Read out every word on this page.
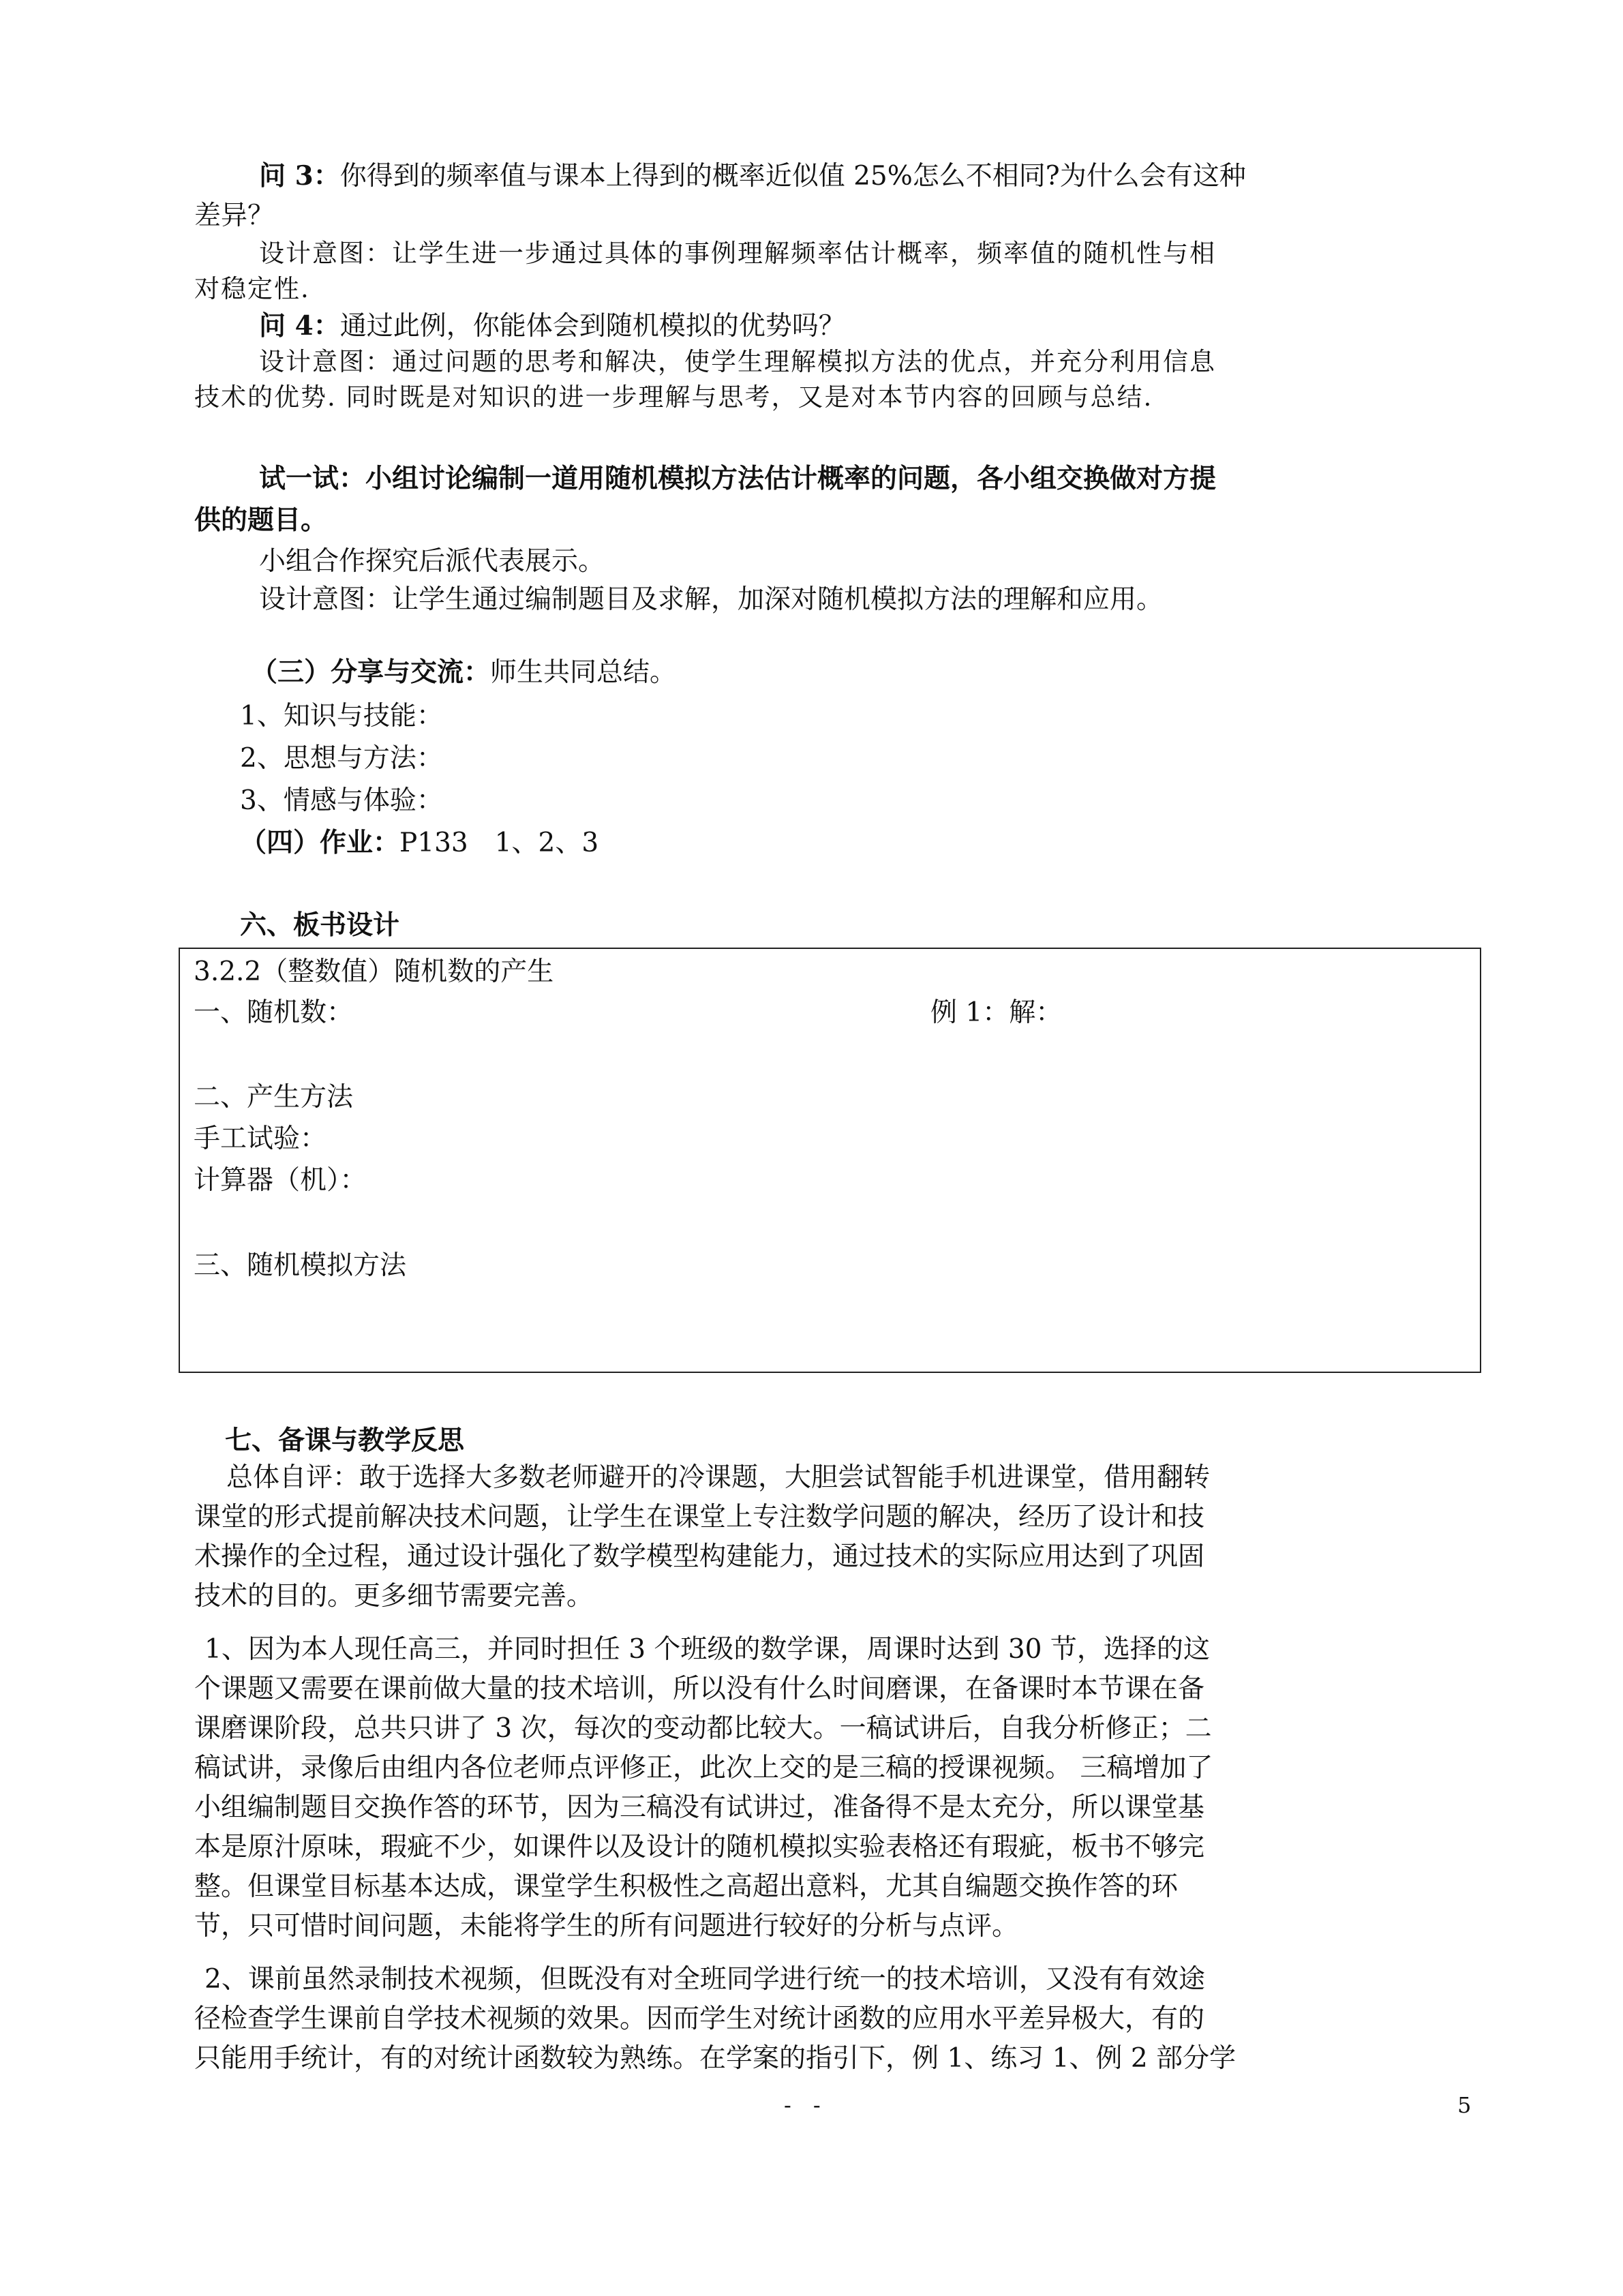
问 3：你得到的频率值与课本上得到的概率近似值 25%怎么不相同?为什么会有这种
差异？
设计意图：让学生进一步通过具体的事例理解频率估计概率，频率值的随机性与相
对稳定性.
问 4：通过此例，你能体会到随机模拟的优势吗？
设计意图：通过问题的思考和解决，使学生理解模拟方法的优点，并充分利用信息
技术的优势. 同时既是对知识的进一步理解与思考，又是对本节内容的回顾与总结.
试一试：小组讨论编制一道用随机模拟方法估计概率的问题，各小组交换做对方提
供的题目。
小组合作探究后派代表展示。
设计意图：让学生通过编制题目及求解，加深对随机模拟方法的理解和应用。
（三）分享与交流：师生共同总结。
1、知识与技能：
2、思想与方法：
3、情感与体验：
（四）作业：P133　1、2、3
六、板书设计
3.2.2（整数值）随机数的产生
一、随机数：	例 1：解：
二、产生方法
手工试验：
计算器（机）：
三、随机模拟方法
七、备课与教学反思
总体自评：敢于选择大多数老师避开的冷课题，大胆尝试智能手机进课堂，借用翻转
课堂的形式提前解决技术问题，让学生在课堂上专注数学问题的解决，经历了设计和技
术操作的全过程，通过设计强化了数学模型构建能力，通过技术的实际应用达到了巩固
技术的目的。更多细节需要完善。
1、因为本人现任高三，并同时担任 3 个班级的数学课，周课时达到 30 节，选择的这
个课题又需要在课前做大量的技术培训，所以没有什么时间磨课，在备课时本节课在备
课磨课阶段，总共只讲了 3 次，每次的变动都比较大。一稿试讲后，自我分析修正；二
稿试讲，录像后由组内各位老师点评修正，此次上交的是三稿的授课视频。 三稿增加了
小组编制题目交换作答的环节，因为三稿没有试讲过，准备得不是太充分，所以课堂基
本是原汁原味，瑕疵不少，如课件以及设计的随机模拟实验表格还有瑕疵，板书不够完
整。但课堂目标基本达成，课堂学生积极性之高超出意料，尤其自编题交换作答的环
节，只可惜时间问题，未能将学生的所有问题进行较好的分析与点评。
2、课前虽然录制技术视频，但既没有对全班同学进行统一的技术培训，又没有有效途
径检查学生课前自学技术视频的效果。因而学生对统计函数的应用水平差异极大，有的
只能用手统计，有的对统计函数较为熟练。在学案的指引下，例 1、练习 1、例 2 部分学
-　-	5
